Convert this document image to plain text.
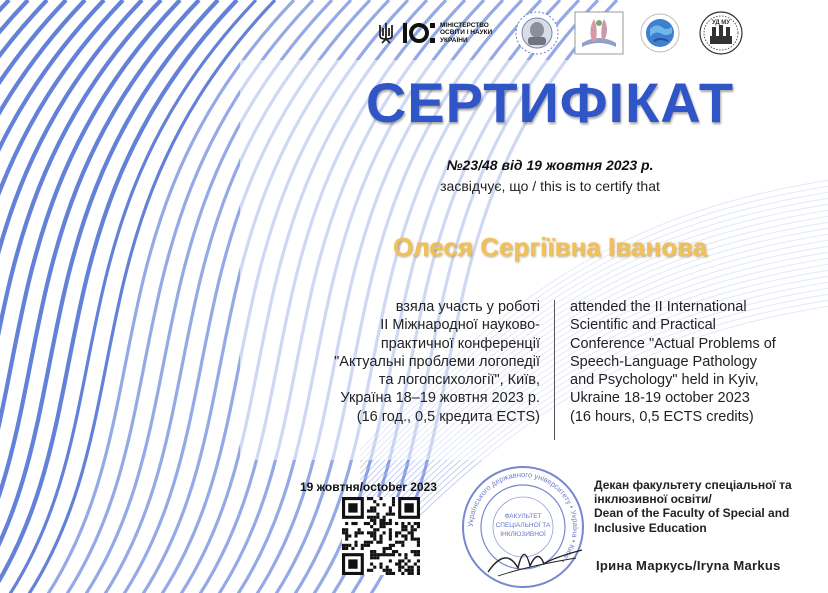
МІНІСТЕРСТВО ОСВІТИ І НАУКИ УКРАЇНИ
УД МУ
СЕРТИФІКАТ
№23/48 від 19 жовтня 2023 р.
засвідчує, що / this is to certify that
Олеся Сергіївна Іванова
взяла участь у роботі
ІІ Міжнародної науково-
практичної конференції
"Актуальні проблеми логопедії
та логопсихології", Київ,
Україна 18–19 жовтня 2023 р.
(16 год., 0,5 кредита ECTS)
attended the II International
Scientific and Practical
Conference "Actual Problems of
Speech-Language Pathology
and Psychology" held in Kyiv,
Ukraine 18-19 october 2023
(16 hours, 0,5 ECTS credits)
19 жовтня/october 2023
Українського державного університету • Україна • Київ •
ФАКУЛЬТЕТ
СПЕЦІАЛЬНОЇ ТА
ІНКЛЮЗИВНОЇ
Декан факультету спеціальної та
інклюзивної освіти/
Dean of the Faculty of Special and
Inclusive Education
Ірина Маркусь/Iryna Markus
